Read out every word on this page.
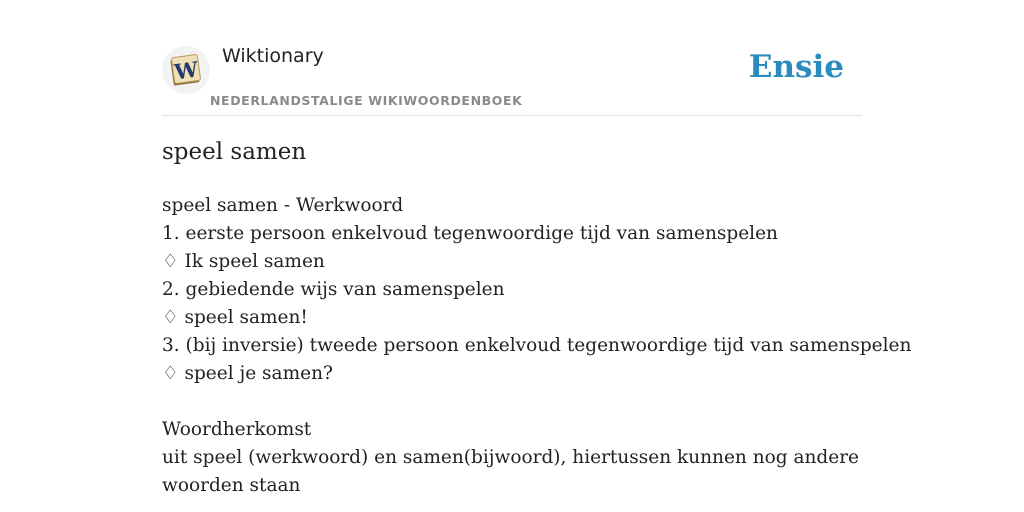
W
Wiktionary
NEDERLANDSTALIGE WIKIWOORDENBOEK
Ensie
speel samen
speel samen - Werkwoord
1. eerste persoon enkelvoud tegenwoordige tijd van samenspelen
♢ Ik speel samen
2. gebiedende wijs van samenspelen
♢ speel samen!
3. (bij inversie) tweede persoon enkelvoud tegenwoordige tijd van samenspelen
♢ speel je samen?
Woordherkomst
uit speel (werkwoord) en samen(bijwoord), hiertussen kunnen nog andere woorden staan
